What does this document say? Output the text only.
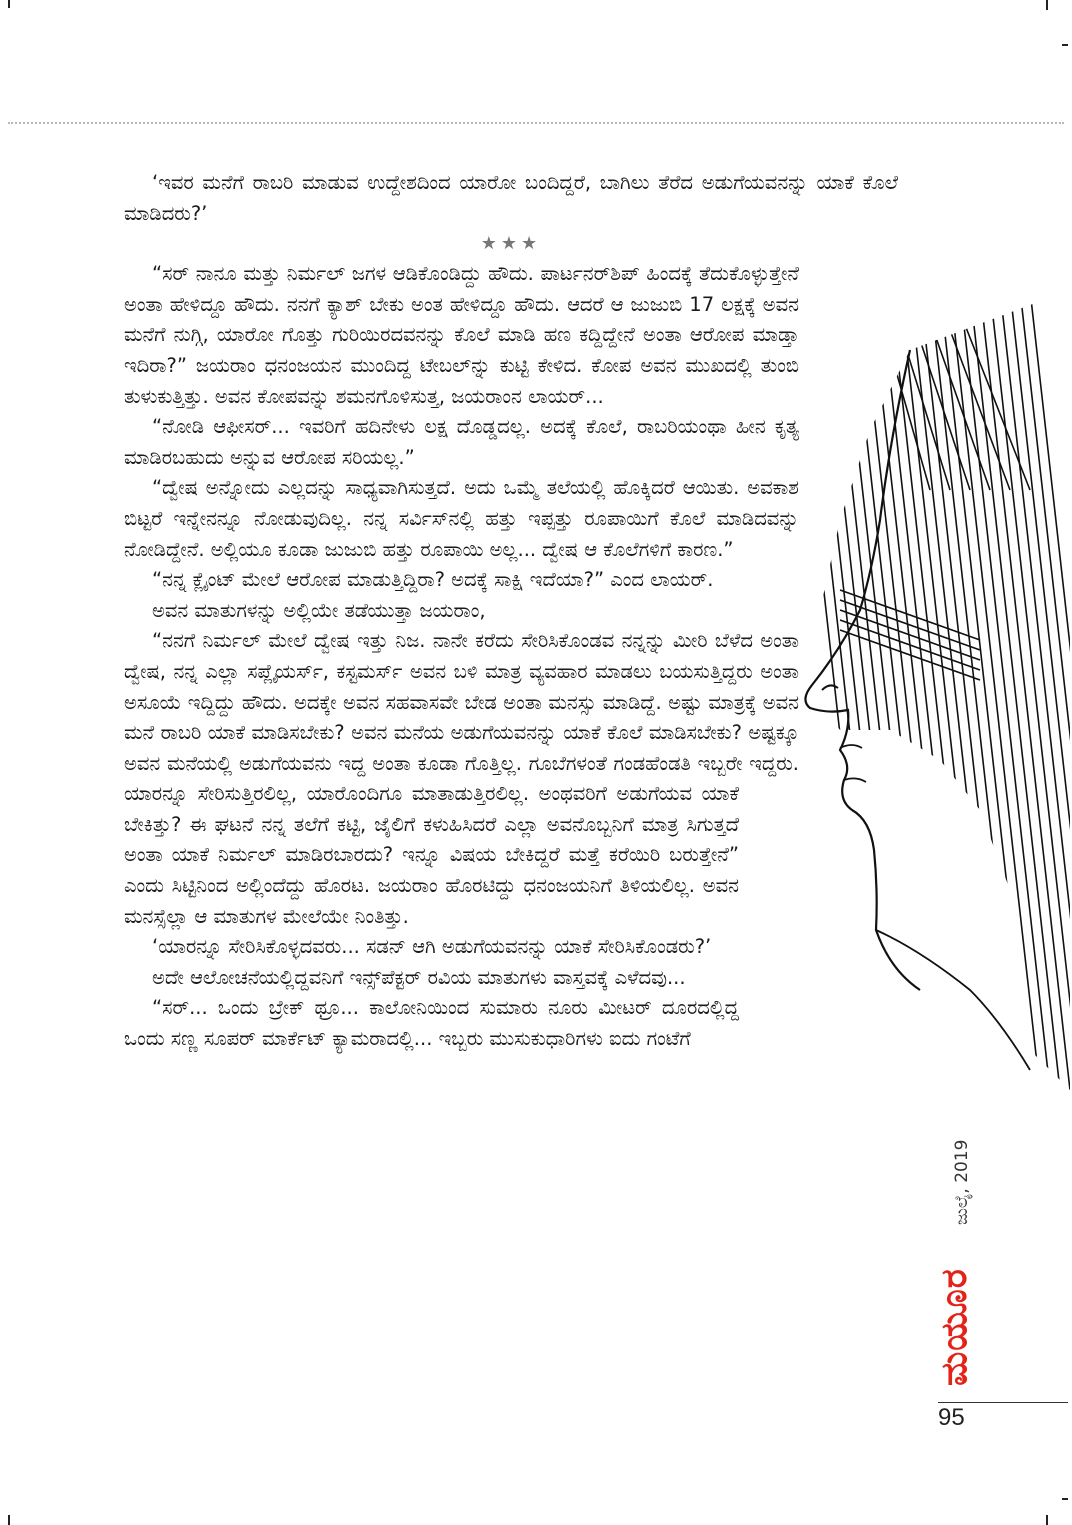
‘ಇವರ ಮನೆಗೆ ರಾಬರಿ ಮಾಡುವ ಉದ್ದೇಶದಿಂದ ಯಾರೋ ಬಂದಿದ್ದರೆ, ಬಾಗಿಲು ತೆರೆದ ಅಡುಗೆಯವನನ್ನು ಯಾಕೆ ಕೊಲೆ ಮಾಡಿದರು?’

★★★

“ಸರ್ ನಾನೂ ಮತ್ತು ನಿರ್ಮಲ್ ಜಗಳ ಆಡಿಕೊಂಡಿದ್ದು ಹೌದು. ಪಾರ್ಟನರ್‌ಶಿಪ್ ಹಿಂದಕ್ಕೆ ತೆದುಕೊಳ್ಳುತ್ತೇನೆ ಅಂತಾ ಹೇಳಿದ್ದೂ ಹೌದು. ನನಗೆ ಕ್ಯಾಶ್ ಬೇಕು ಅಂತ ಹೇಳಿದ್ದೂ ಹೌದು. ಆದರೆ ಆ ಜುಜುಬಿ 17 ಲಕ್ಷಕ್ಕೆ ಅವನ ಮನೆಗೆ ನುಗ್ಗಿ, ಯಾರೋ ಗೊತ್ತು ಗುರಿಯಿರದವನನ್ನು ಕೊಲೆ ಮಾಡಿ ಹಣ ಕದ್ದಿದ್ದೇನೆ ಅಂತಾ ಆರೋಪ ಮಾಡ್ತಾ ಇದಿರಾ?” ಜಯರಾಂ ಧನಂಜಯನ ಮುಂದಿದ್ದ ಟೇಬಲ್‌ನ್ನು ಕುಟ್ಟಿ ಕೇಳಿದ. ಕೋಪ ಅವನ ಮುಖದಲ್ಲಿ ತುಂಬಿ ತುಳುಕುತ್ತಿತ್ತು. ಅವನ ಕೋಪವನ್ನು ಶಮನಗೊಳಿಸುತ್ತ, ಜಯರಾಂನ ಲಾಯರ್...

“ನೋಡಿ ಆಫೀಸರ್... ಇವರಿಗೆ ಹದಿನೇಳು ಲಕ್ಷ ದೊಡ್ಡದಲ್ಲ. ಅದಕ್ಕೆ ಕೊಲೆ, ರಾಬರಿಯಂಥಾ ಹೀನ ಕೃತ್ಯ ಮಾಡಿರಬಹುದು ಅನ್ನುವ ಆರೋಪ ಸರಿಯಲ್ಲ.”

“ದ್ವೇಷ ಅನ್ನೋದು ಎಲ್ಲದನ್ನು ಸಾಧ್ಯವಾಗಿಸುತ್ತದೆ. ಅದು ಒಮ್ಮೆ ತಲೆಯಲ್ಲಿ ಹೊಕ್ಕಿದರೆ ಆಯಿತು. ಅವಕಾಶ ಬಿಟ್ಟರೆ ಇನ್ನೇನನ್ನೂ ನೋಡುವುದಿಲ್ಲ. ನನ್ನ ಸರ್ವಿಸ್‌ನಲ್ಲಿ ಹತ್ತು ಇಪ್ಪತ್ತು ರೂಪಾಯಿಗೆ ಕೊಲೆ ಮಾಡಿದವನ್ನು ನೋಡಿದ್ದೇನೆ. ಅಲ್ಲಿಯೂ ಕೂಡಾ ಜುಜುಬಿ ಹತ್ತು ರೂಪಾಯಿ ಅಲ್ಲ... ದ್ವೇಷ ಆ ಕೊಲೆಗಳಿಗೆ ಕಾರಣ.”

“ನನ್ನ ಕ್ಲೈಂಟ್ ಮೇಲೆ ಆರೋಪ ಮಾಡುತ್ತಿದ್ದಿರಾ? ಅದಕ್ಕೆ ಸಾಕ್ಷಿ ಇದೆಯಾ?” ಎಂದ ಲಾಯರ್.

ಅವನ ಮಾತುಗಳನ್ನು ಅಲ್ಲಿಯೇ ತಡೆಯುತ್ತಾ ಜಯರಾಂ,

“ನನಗೆ ನಿರ್ಮಲ್ ಮೇಲೆ ದ್ವೇಷ ಇತ್ತು ನಿಜ. ನಾನೇ ಕರೆದು ಸೇರಿಸಿಕೊಂಡವ ನನ್ನನ್ನು ಮೀರಿ ಬೆಳೆದ ಅಂತಾ ದ್ವೇಷ, ನನ್ನ ಎಲ್ಲಾ ಸಪ್ಲೈಯರ್ಸ್, ಕಸ್ಟಮರ್ಸ್ ಅವನ ಬಳಿ ಮಾತ್ರ ವ್ಯವಹಾರ ಮಾಡಲು ಬಯಸುತ್ತಿದ್ದರು ಅಂತಾ ಅಸೂಯೆ ಇದ್ದಿದ್ದು ಹೌದು. ಅದಕ್ಕೇ ಅವನ ಸಹವಾಸವೇ ಬೇಡ ಅಂತಾ ಮನಸ್ಸು ಮಾಡಿದ್ದೆ. ಅಷ್ಟು ಮಾತ್ರಕ್ಕೆ ಅವನ ಮನೆ ರಾಬರಿ ಯಾಕೆ ಮಾಡಿಸಬೇಕು? ಅವನ ಮನೆಯ ಅಡುಗೆಯವನನ್ನು ಯಾಕೆ ಕೊಲೆ ಮಾಡಿಸಬೇಕು? ಅಷ್ಟಕ್ಕೂ ಅವನ ಮನೆಯಲ್ಲಿ ಅಡುಗೆಯವನು ಇದ್ದ ಅಂತಾ ಕೂಡಾ ಗೊತ್ತಿಲ್ಲ. ಗೂಬೆಗಳಂತೆ ಗಂಡಹೆಂಡತಿ ಇಬ್ಬರೇ ಇದ್ದರು. ಯಾರನ್ನೂ ಸೇರಿಸುತ್ತಿರಲಿಲ್ಲ, ಯಾರೊಂದಿಗೂ ಮಾತಾಡುತ್ತಿರಲಿಲ್ಲ. ಅಂಥವರಿಗೆ ಅಡುಗೆಯವ ಯಾಕೆ ಬೇಕಿತ್ತು? ಈ ಘಟನೆ ನನ್ನ ತಲೆಗೆ ಕಟ್ಟಿ, ಜೈಲಿಗೆ ಕಳುಹಿಸಿದರೆ ಎಲ್ಲಾ ಅವನೊಬ್ಬನಿಗೆ ಮಾತ್ರ ಸಿಗುತ್ತದೆ ಅಂತಾ ಯಾಕೆ ನಿರ್ಮಲ್ ಮಾಡಿರಬಾರದು? ಇನ್ನೂ ವಿಷಯ ಬೇಕಿದ್ದರೆ ಮತ್ತೆ ಕರೆಯಿರಿ ಬರುತ್ತೇನೆ” ಎಂದು ಸಿಟ್ಟಿನಿಂದ ಅಲ್ಲಿಂದೆದ್ದು ಹೊರಟ. ಜಯರಾಂ ಹೊರಟಿದ್ದು ಧನಂಜಯನಿಗೆ ತಿಳಿಯಲಿಲ್ಲ. ಅವನ ಮನಸ್ಸೆಲ್ಲಾ ಆ ಮಾತುಗಳ ಮೇಲೆಯೇ ನಿಂತಿತ್ತು.

‘ಯಾರನ್ನೂ ಸೇರಿಸಿಕೊಳ್ಳದವರು... ಸಡನ್ ಆಗಿ ಅಡುಗೆಯವನನ್ನು ಯಾಕೆ ಸೇರಿಸಿಕೊಂಡರು?’

ಅದೇ ಆಲೋಚನೆಯಲ್ಲಿದ್ದವನಿಗೆ ಇನ್ಸ್‌ಪೆಕ್ಟರ್ ರವಿಯ ಮಾತುಗಳು ವಾಸ್ತವಕ್ಕೆ ಎಳೆದವು...

“ಸರ್... ಒಂದು ಬ್ರೇಕ್ ಥ್ರೂ... ಕಾಲೋನಿಯಿಂದ ಸುಮಾರು ನೂರು ಮೀಟರ್ ದೂರದಲ್ಲಿದ್ದ ಒಂದು ಸಣ್ಣ ಸೂಪರ್ ಮಾರ್ಕೆಟ್ ಕ್ಯಾಮರಾದಲ್ಲಿ... ಇಬ್ಬರು ಮುಸುಕುಧಾರಿಗಳು ಐದು ಗಂಟೆಗೆ

ಜುಲೈ, 2019
ಮಯೂರ
95
